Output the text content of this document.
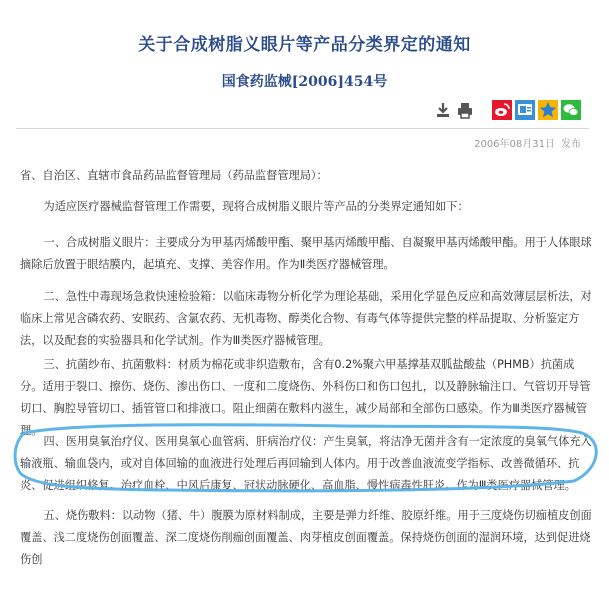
关于合成树脂义眼片等产品分类界定的通知
国食药监械[2006]454号
2006年08月31日 发布

省、自治区、直辖市食品药品监督管理局（药品监督管理局）：

为适应医疗器械监督管理工作需要，现将合成树脂义眼片等产品的分类界定通知如下：

一、合成树脂义眼片：主要成分为甲基丙烯酸甲酯、聚甲基丙烯酸甲酯、自凝聚甲基丙烯酸甲酯。用于人体眼球摘除后放置于眼结膜内，起填充、支撑、美容作用。作为Ⅱ类医疗器械管理。

二、急性中毒现场急救快速检验箱：以临床毒物分析化学为理论基础，采用化学显色反应和高效薄层层析法，对临床上常见含磷农药、安眠药、含氯农药、无机毒物、醇类化合物、有毒气体等提供完整的样品提取、分析鉴定方法，以及配套的实验器具和化学试剂。作为Ⅲ类医疗器械管理。

三、抗菌纱布、抗菌敷料：材质为棉花或非织造敷布，含有0.2%聚六甲基撑基双胍盐酸盐（PHMB）抗菌成分。适用于裂口、擦伤、烧伤、渗出伤口、一度和二度烧伤、外科伤口和伤口包扎，以及静脉输注口、气管切开导管切口、胸腔导管切口、插管管口和排液口。阻止细菌在敷料内滋生，减少局部和全部伤口感染。作为Ⅲ类医疗器械管理。

四、医用臭氧治疗仪、医用臭氧心血管病、肝病治疗仪：产生臭氧，将洁净无菌并含有一定浓度的臭氧气体充入输液瓶、输血袋内，或对自体回输的血液进行处理后再回输到人体内。用于改善血液流变学指标、改善微循环、抗炎、促进组织修复。治疗血栓、中风后康复、冠状动脉硬化、高血脂、慢性病毒性肝炎。作为Ⅲ类医疗器械管理。

五、烧伤敷料：以动物（猪、牛）腹膜为原材料制成，主要是弹力纤维、胶原纤维。用于三度烧伤切痂植皮创面覆盖、浅二度烧伤创面覆盖、深二度烧伤削痂创面覆盖、肉芽植皮创面覆盖。保持烧伤创面的湿润环境，达到促进烧伤创
